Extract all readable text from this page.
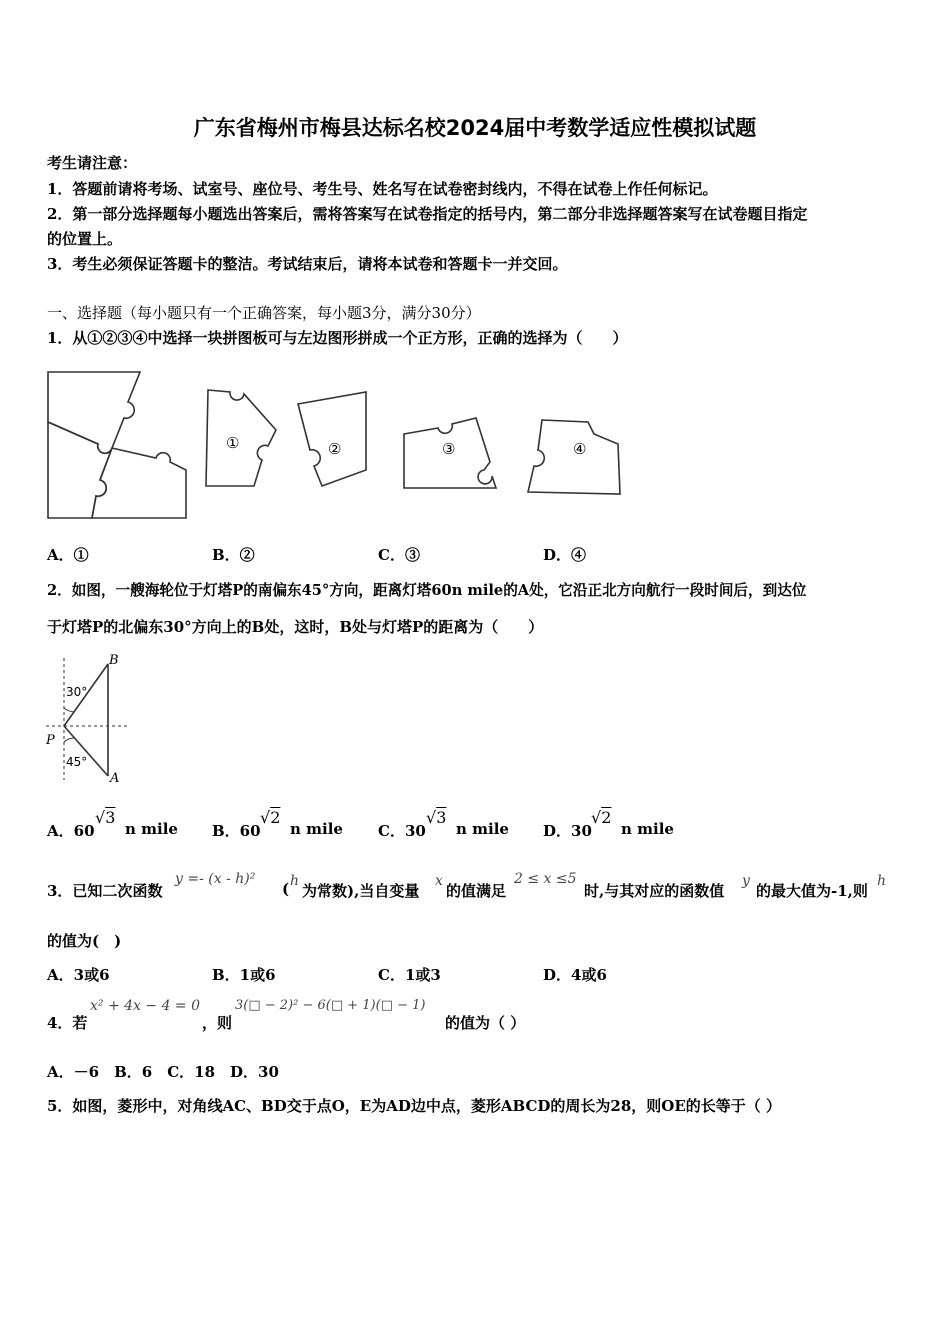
广东省梅州市梅县达标名校2024届中考数学适应性模拟试题
考生请注意：
1．答题前请将考场、试室号、座位号、考生号、姓名写在试卷密封线内，不得在试卷上作任何标记。
2．第一部分选择题每小题选出答案后，需将答案写在试卷指定的括号内，第二部分非选择题答案写在试卷题目指定
的位置上。
3．考生必须保证答题卡的整洁。考试结束后，请将本试卷和答题卡一并交回。
一、选择题（每小题只有一个正确答案，每小题3分，满分30分）
1．从①②③④中选择一块拼图板可与左边图形拼成一个正方形，正确的选择为（　　）
①	②	③	④
A．①	B．②	C．③	D．④
2．如图，一艘海轮位于灯塔P的南偏东45°方向，距离灯塔60n mile的A处，它沿正北方向航行一段时间后，到达位
于灯塔P的北偏东30°方向上的B处，这时，B处与灯塔P的距离为（　　）
B
P
A
30°
45°
A．60
√3
n mile B．60
√2
n mile C．30
√3
n mile D．30
√2
n mile
3．已知二次函数
y =- (x - h)²
( h
为常数),当自变量
x
的值满足
2 ≤ x ≤5
时,与其对应的函数值
y
的最大值为-1,则
h
的值为(　)
A．3或6	B．1或6	C．1或3	D．4或6
4．若
x² + 4x − 4 = 0
，则
3(□ − 2)² − 6(□ + 1)(□ − 1)
的值为（ ）
A．－6　B．6　C．18　D．30
5．如图，菱形中，对角线AC、BD交于点O，E为AD边中点，菱形ABCD的周长为28，则OE的长等于（ ）
